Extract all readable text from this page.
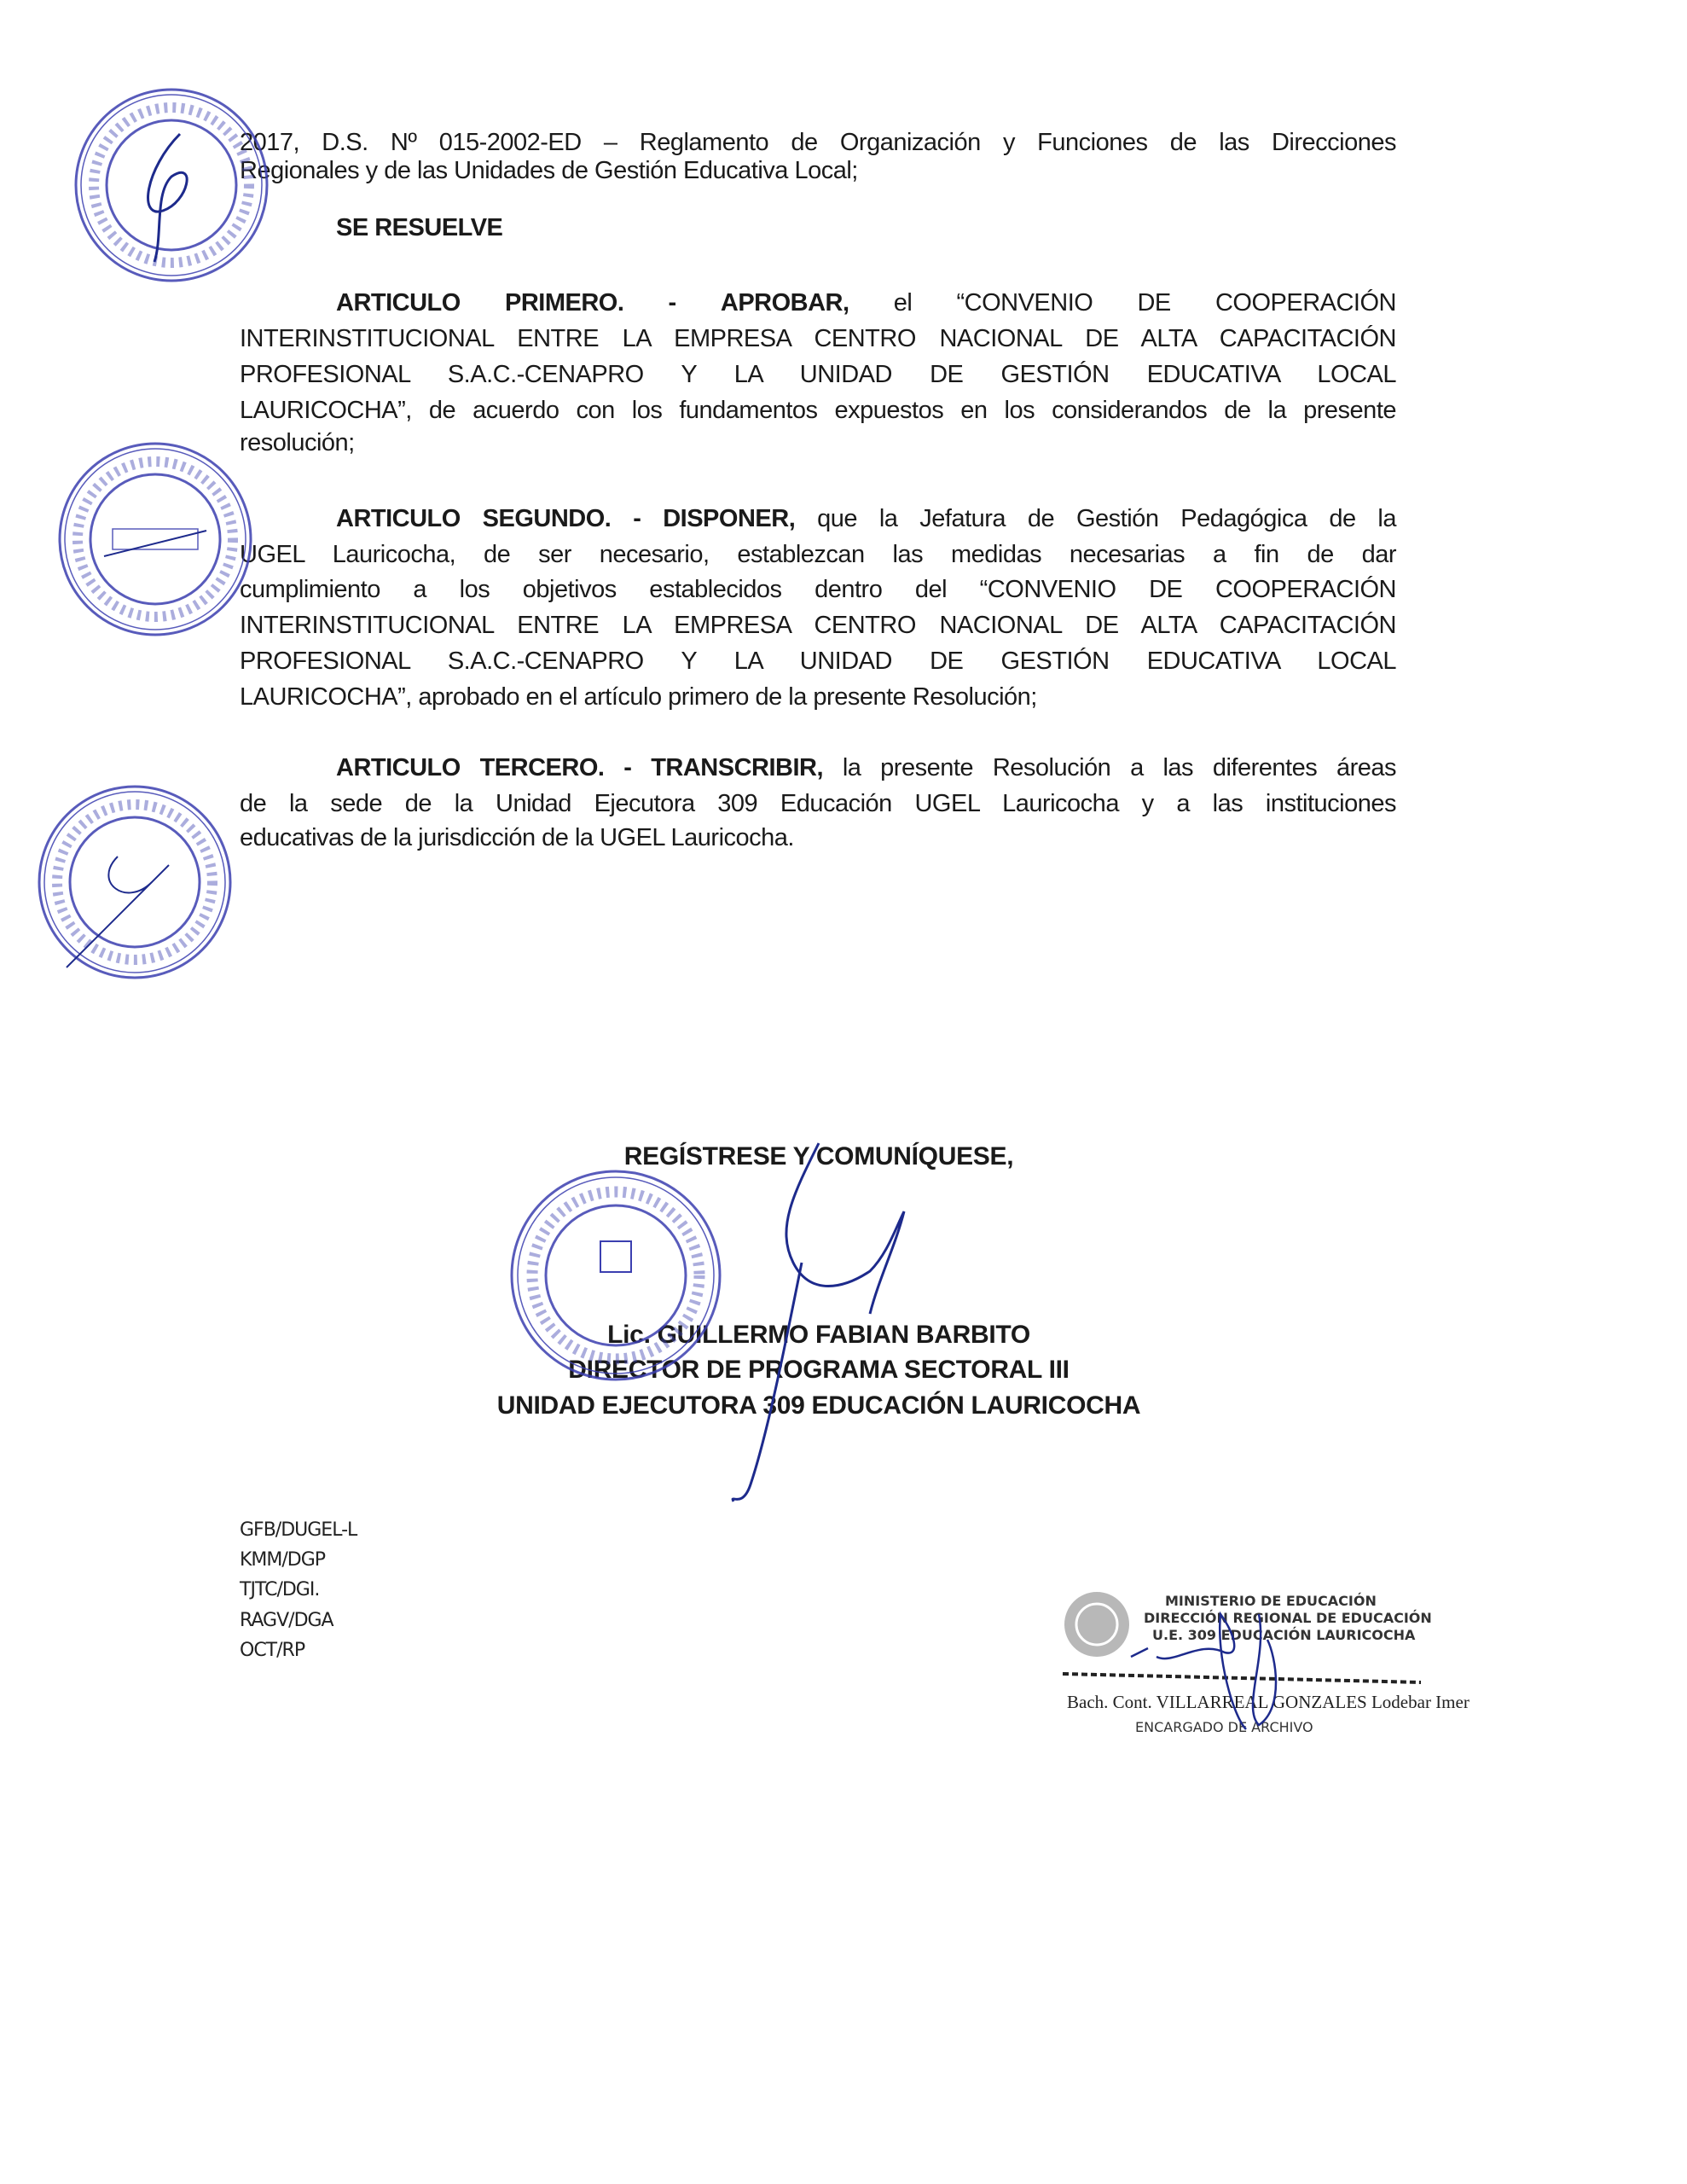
2017, D.S. Nº 015-2002-ED – Reglamento de Organización y Funciones de las Direcciones
Regionales y de las Unidades de Gestión Educativa Local;
SE RESUELVE
ARTICULO PRIMERO. - APROBAR, el “CONVENIO DE COOPERACIÓN
INTERINSTITUCIONAL ENTRE LA EMPRESA CENTRO NACIONAL DE ALTA CAPACITACIÓN
PROFESIONAL S.A.C.-CENAPRO Y LA UNIDAD DE GESTIÓN EDUCATIVA LOCAL
LAURICOCHA”, de acuerdo con los fundamentos expuestos en los considerandos de la presente
resolución;
ARTICULO SEGUNDO. - DISPONER, que la Jefatura de Gestión Pedagógica de la
UGEL Lauricocha, de ser necesario, establezcan las medidas necesarias a fin de dar
cumplimiento a los objetivos establecidos dentro del “CONVENIO DE COOPERACIÓN
INTERINSTITUCIONAL ENTRE LA EMPRESA CENTRO NACIONAL DE ALTA CAPACITACIÓN
PROFESIONAL S.A.C.-CENAPRO Y LA UNIDAD DE GESTIÓN EDUCATIVA LOCAL
LAURICOCHA”, aprobado en el artículo primero de la presente Resolución;
ARTICULO TERCERO. - TRANSCRIBIR, la presente Resolución a las diferentes áreas
de la sede de la Unidad Ejecutora 309 Educación UGEL Lauricocha y a las instituciones
educativas de la jurisdicción de la UGEL Lauricocha.
REGÍSTRESE Y COMUNÍQUESE,
Lic. GUILLERMO FABIAN BARBITO
DIRECTOR DE PROGRAMA SECTORAL III
UNIDAD EJECUTORA 309 EDUCACIÓN LAURICOCHA
GFB/DUGEL-L
KMM/DGP
TJTC/DGI.
RAGV/DGA
OCT/RP
MINISTERIO DE EDUCACIÓN
DIRECCIÓN REGIONAL DE EDUCACIÓN
U.E. 309 EDUCACIÓN LAURICOCHA
Bach. Cont. VILLARREAL GONZALES Lodebar Imer
ENCARGADO DE ARCHIVO
